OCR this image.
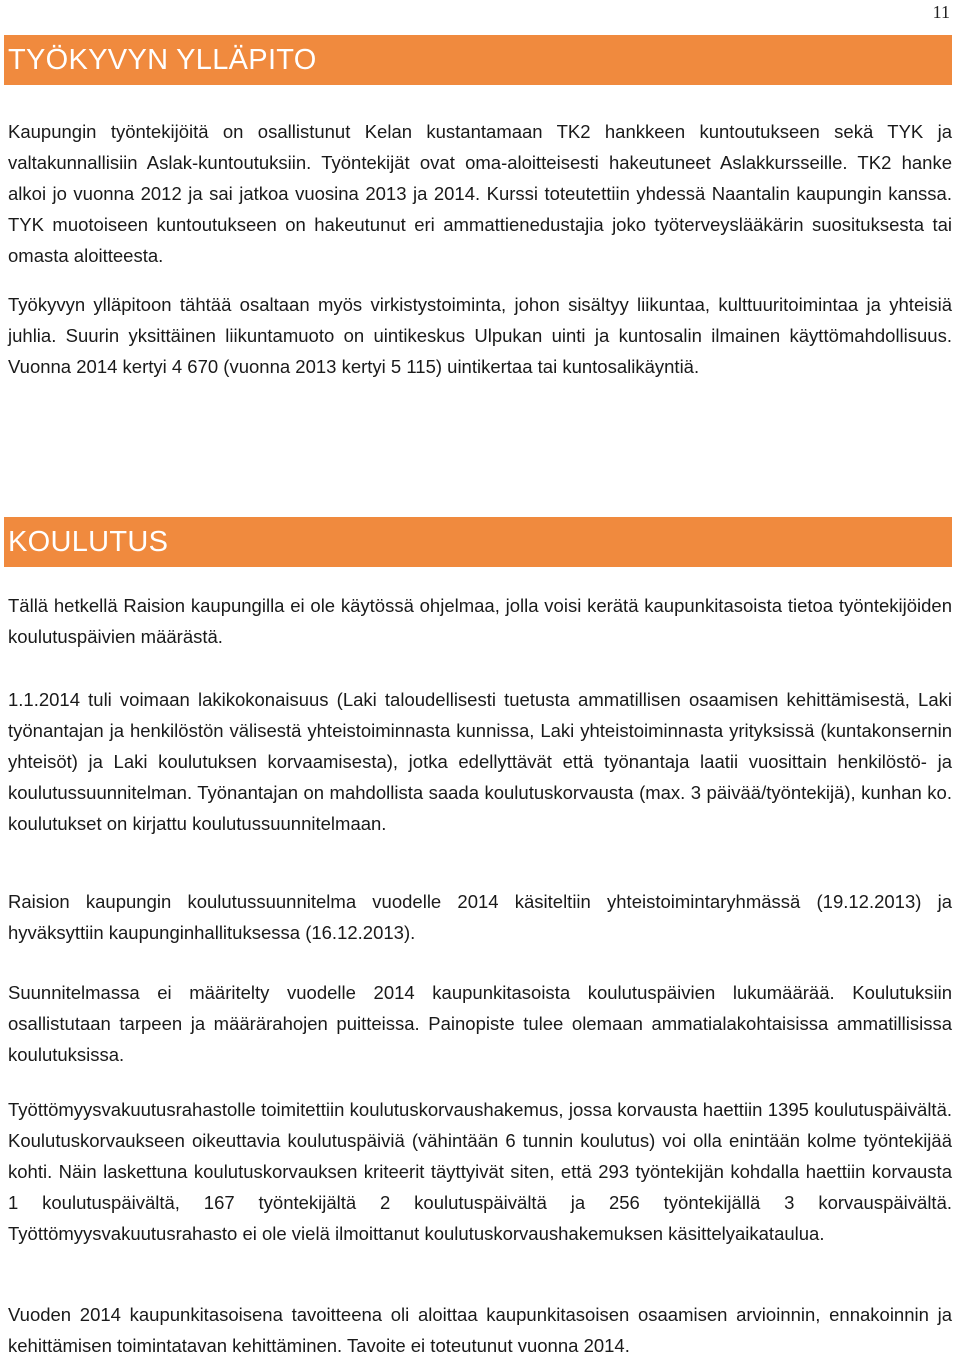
11
TYÖKYVYN YLLÄPITO

Kaupungin työntekijöitä on osallistunut Kelan kustantamaan TK2 hankkeen kuntoutukseen sekä TYK ja valtakunnallisiin Aslak-kuntoutuksiin. Työntekijät ovat oma-aloitteisesti hakeutuneet Aslakkursseille. TK2 hanke alkoi jo vuonna 2012 ja sai jatkoa vuosina 2013 ja 2014. Kurssi toteutettiin yhdessä Naantalin kaupungin kanssa. TYK muotoiseen kuntoutukseen on hakeutunut eri ammattienedustajia joko työterveyslääkärin suosituksesta tai omasta aloitteesta.

Työkyvyn ylläpitoon tähtää osaltaan myös virkistystoiminta, johon sisältyy liikuntaa, kulttuuritoimintaa ja yhteisiä juhlia. Suurin yksittäinen liikuntamuoto on uintikeskus Ulpukan uinti ja kuntosalin ilmainen käyttömahdollisuus. Vuonna 2014 kertyi 4 670 (vuonna 2013 kertyi 5 115) uintikertaa tai kuntosalikäyntiä.

KOULUTUS

Tällä hetkellä Raision kaupungilla ei ole käytössä ohjelmaa, jolla voisi kerätä kaupunkitasoista tietoa työntekijöiden koulutuspäivien määrästä.

1.1.2014 tuli voimaan lakikokonaisuus (Laki taloudellisesti tuetusta ammatillisen osaamisen kehittämisestä, Laki työnantajan ja henkilöstön välisestä yhteistoiminnasta kunnissa, Laki yhteistoiminnasta yrityksissä (kuntakonsernin yhteisöt) ja Laki koulutuksen korvaamisesta), jotka edellyttävät että työnantaja laatii vuosittain henkilöstö- ja koulutussuunnitelman. Työnantajan on mahdollista saada koulutuskorvausta (max. 3 päivää/työntekijä), kunhan ko. koulutukset on kirjattu koulutussuunnitelmaan.

Raision kaupungin koulutussuunnitelma vuodelle 2014 käsiteltiin yhteistoimintaryhmässä (19.12.2013) ja hyväksyttiin kaupunginhallituksessa (16.12.2013).

Suunnitelmassa ei määritelty vuodelle 2014 kaupunkitasoista koulutuspäivien lukumäärää. Koulutuksiin osallistutaan tarpeen ja määrärahojen puitteissa. Painopiste tulee olemaan ammatialakohtaisissa ammatillisissa koulutuksissa.

Työttömyysvakuutusrahastolle toimitettiin koulutuskorvaushakemus, jossa korvausta haettiin 1395 koulutuspäivältä. Koulutuskorvaukseen oikeuttavia koulutuspäiviä (vähintään 6 tunnin koulutus) voi olla enintään kolme työntekijää kohti. Näin laskettuna koulutuskorvauksen kriteerit täyttyivät siten, että 293 työntekijän kohdalla haettiin korvausta 1 koulutuspäivältä, 167 työntekijältä 2 koulutuspäivältä ja 256 työntekijällä 3 korvauspäivältä. Työttömyysvakuutusrahasto ei ole vielä ilmoittanut koulutuskorvaushakemuksen käsittelyaikataulua.

Vuoden 2014 kaupunkitasoisena tavoitteena oli aloittaa kaupunkitasoisen osaamisen arvioinnin, ennakoinnin ja kehittämisen toimintatavan kehittäminen. Tavoite ei toteutunut vuonna 2014.
